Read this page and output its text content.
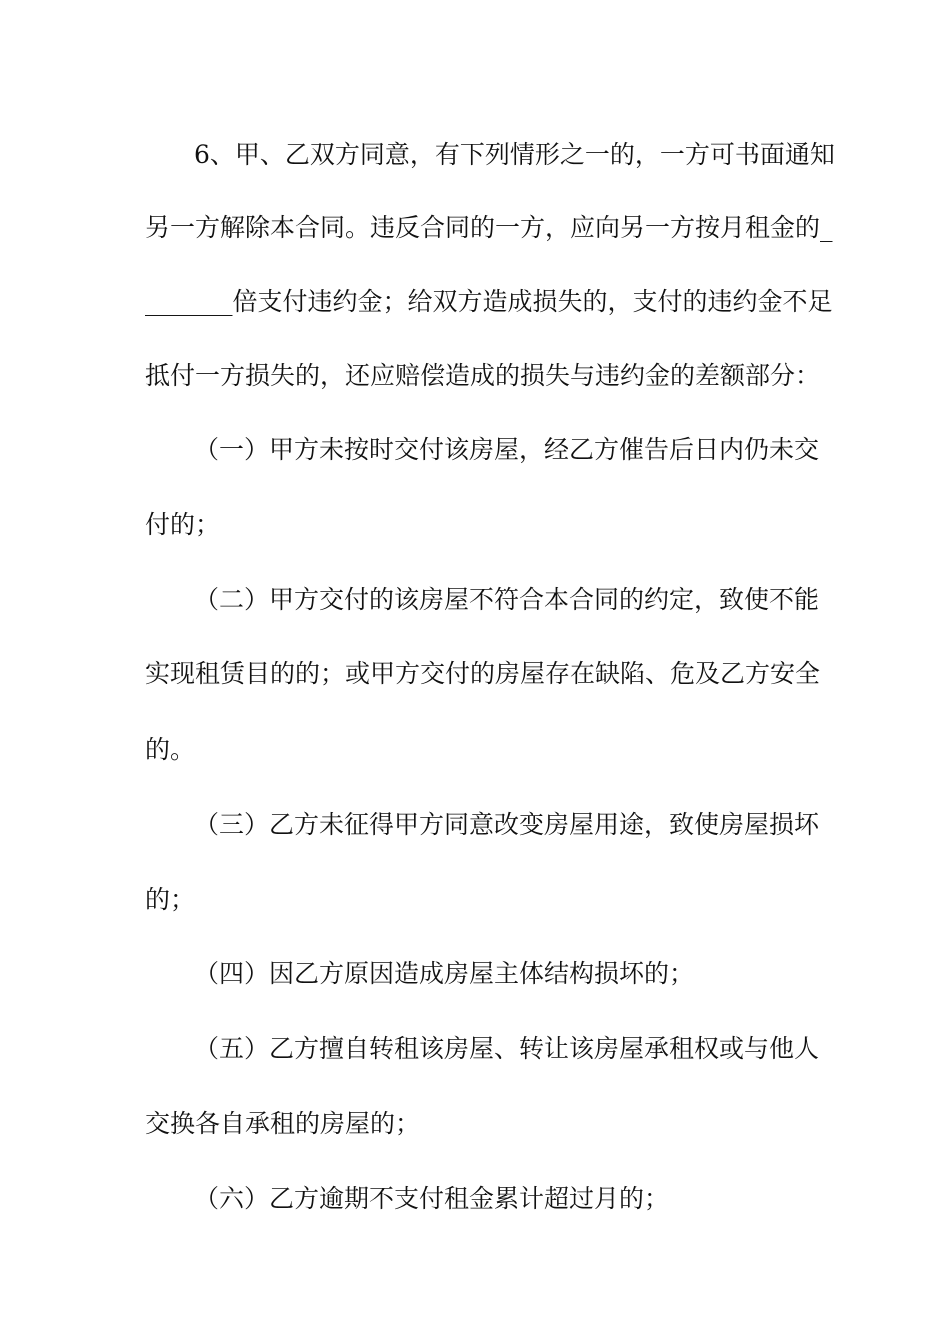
6、甲、乙双方同意，有下列情形之一的，一方可书面通知

另一方解除本合同。违反合同的一方，应向另一方按月租金的_

_______倍支付违约金；给双方造成损失的，支付的违约金不足

抵付一方损失的，还应赔偿造成的损失与违约金的差额部分：

（一）甲方未按时交付该房屋，经乙方催告后日内仍未交

付的；

（二）甲方交付的该房屋不符合本合同的约定，致使不能

实现租赁目的的；或甲方交付的房屋存在缺陷、危及乙方安全

的。

（三）乙方未征得甲方同意改变房屋用途，致使房屋损坏

的；

（四）因乙方原因造成房屋主体结构损坏的；

（五）乙方擅自转租该房屋、转让该房屋承租权或与他人

交换各自承租的房屋的；

（六）乙方逾期不支付租金累计超过月的；
